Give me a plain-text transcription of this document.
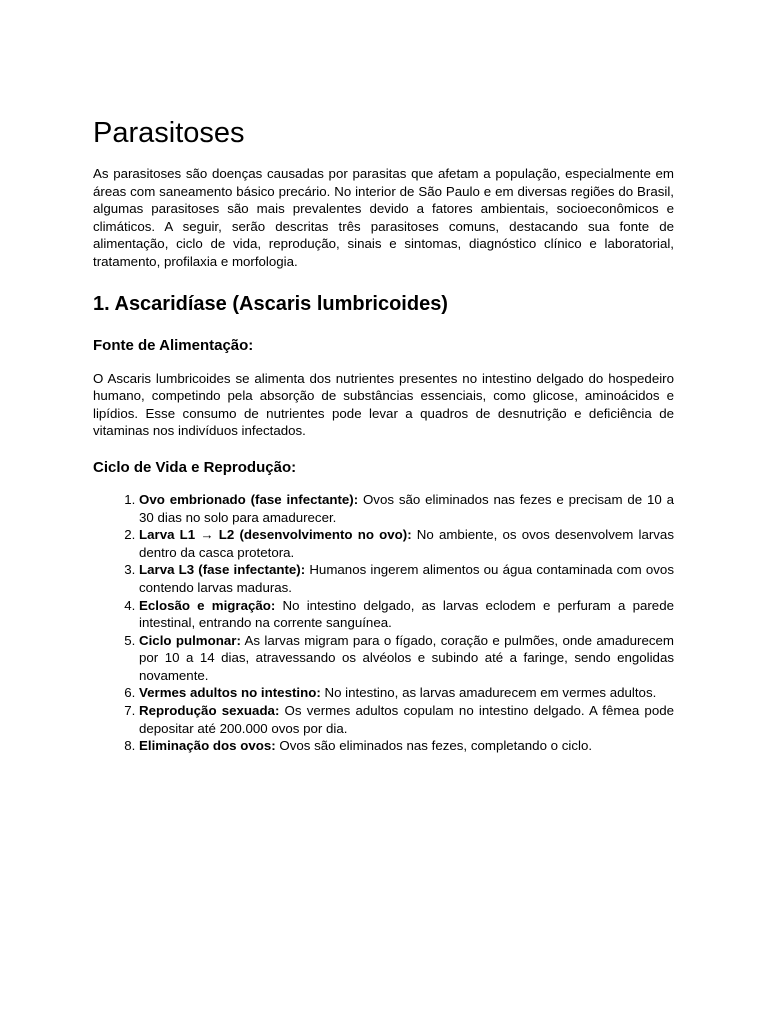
Parasitoses

As parasitoses são doenças causadas por parasitas que afetam a população, especialmente em áreas com saneamento básico precário. No interior de São Paulo e em diversas regiões do Brasil, algumas parasitoses são mais prevalentes devido a fatores ambientais, socioeconômicos e climáticos. A seguir, serão descritas três parasitoses comuns, destacando sua fonte de alimentação, ciclo de vida, reprodução, sinais e sintomas, diagnóstico clínico e laboratorial, tratamento, profilaxia e morfologia.

1. Ascaridíase (Ascaris lumbricoides)
Fonte de Alimentação:

O Ascaris lumbricoides se alimenta dos nutrientes presentes no intestino delgado do hospedeiro humano, competindo pela absorção de substâncias essenciais, como glicose, aminoácidos e lipídios. Esse consumo de nutrientes pode levar a quadros de desnutrição e deficiência de vitaminas nos indivíduos infectados.

Ciclo de Vida e Reprodução:
1. Ovo embrionado (fase infectante): Ovos são eliminados nas fezes e precisam de 10 a 30 dias no solo para amadurecer.
2. Larva L1 → L2 (desenvolvimento no ovo): No ambiente, os ovos desenvolvem larvas dentro da casca protetora.
3. Larva L3 (fase infectante): Humanos ingerem alimentos ou água contaminada com ovos contendo larvas maduras.
4. Eclosão e migração: No intestino delgado, as larvas eclodem e perfuram a parede intestinal, entrando na corrente sanguínea.
5. Ciclo pulmonar: As larvas migram para o fígado, coração e pulmões, onde amadurecem por 10 a 14 dias, atravessando os alvéolos e subindo até a faringe, sendo engolidas novamente.
6. Vermes adultos no intestino: No intestino, as larvas amadurecem em vermes adultos.
7. Reprodução sexuada: Os vermes adultos copulam no intestino delgado. A fêmea pode depositar até 200.000 ovos por dia.
8. Eliminação dos ovos: Ovos são eliminados nas fezes, completando o ciclo.
